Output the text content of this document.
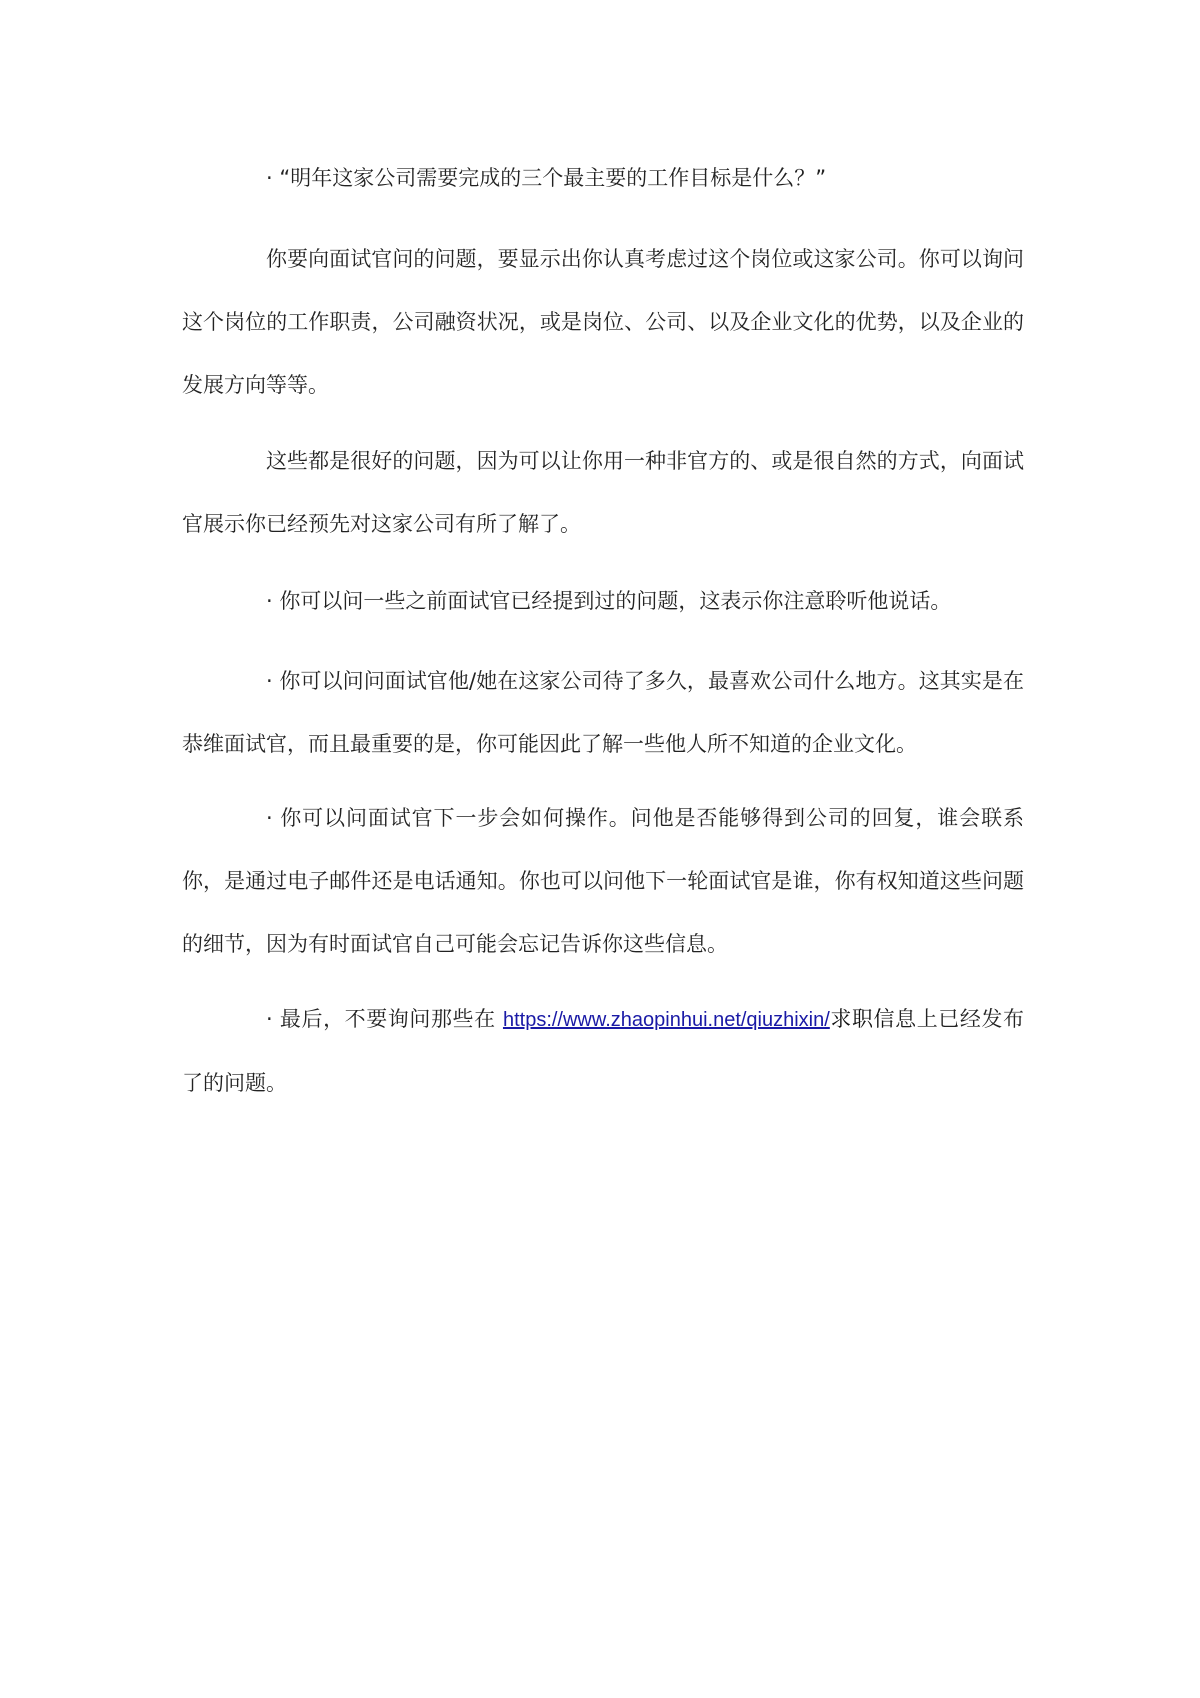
· “明年这家公司需要完成的三个最主要的工作目标是什么？”

你要向面试官问的问题，要显示出你认真考虑过这个岗位或这家公司。你可以询问这个岗位的工作职责，公司融资状况，或是岗位、公司、以及企业文化的优势，以及企业的发展方向等等。

这些都是很好的问题，因为可以让你用一种非官方的、或是很自然的方式，向面试官展示你已经预先对这家公司有所了解了。

· 你可以问一些之前面试官已经提到过的问题，这表示你注意聆听他说话。

· 你可以问问面试官他/她在这家公司待了多久，最喜欢公司什么地方。这其实是在恭维面试官，而且最重要的是，你可能因此了解一些他人所不知道的企业文化。

· 你可以问面试官下一步会如何操作。问他是否能够得到公司的回复，谁会联系你，是通过电子邮件还是电话通知。你也可以问他下一轮面试官是谁，你有权知道这些问题的细节，因为有时面试官自己可能会忘记告诉你这些信息。

· 最后，不要询问那些在 https://www.zhaopinhui.net/qiuzhixin/求职信息上已经发布了的问题。
